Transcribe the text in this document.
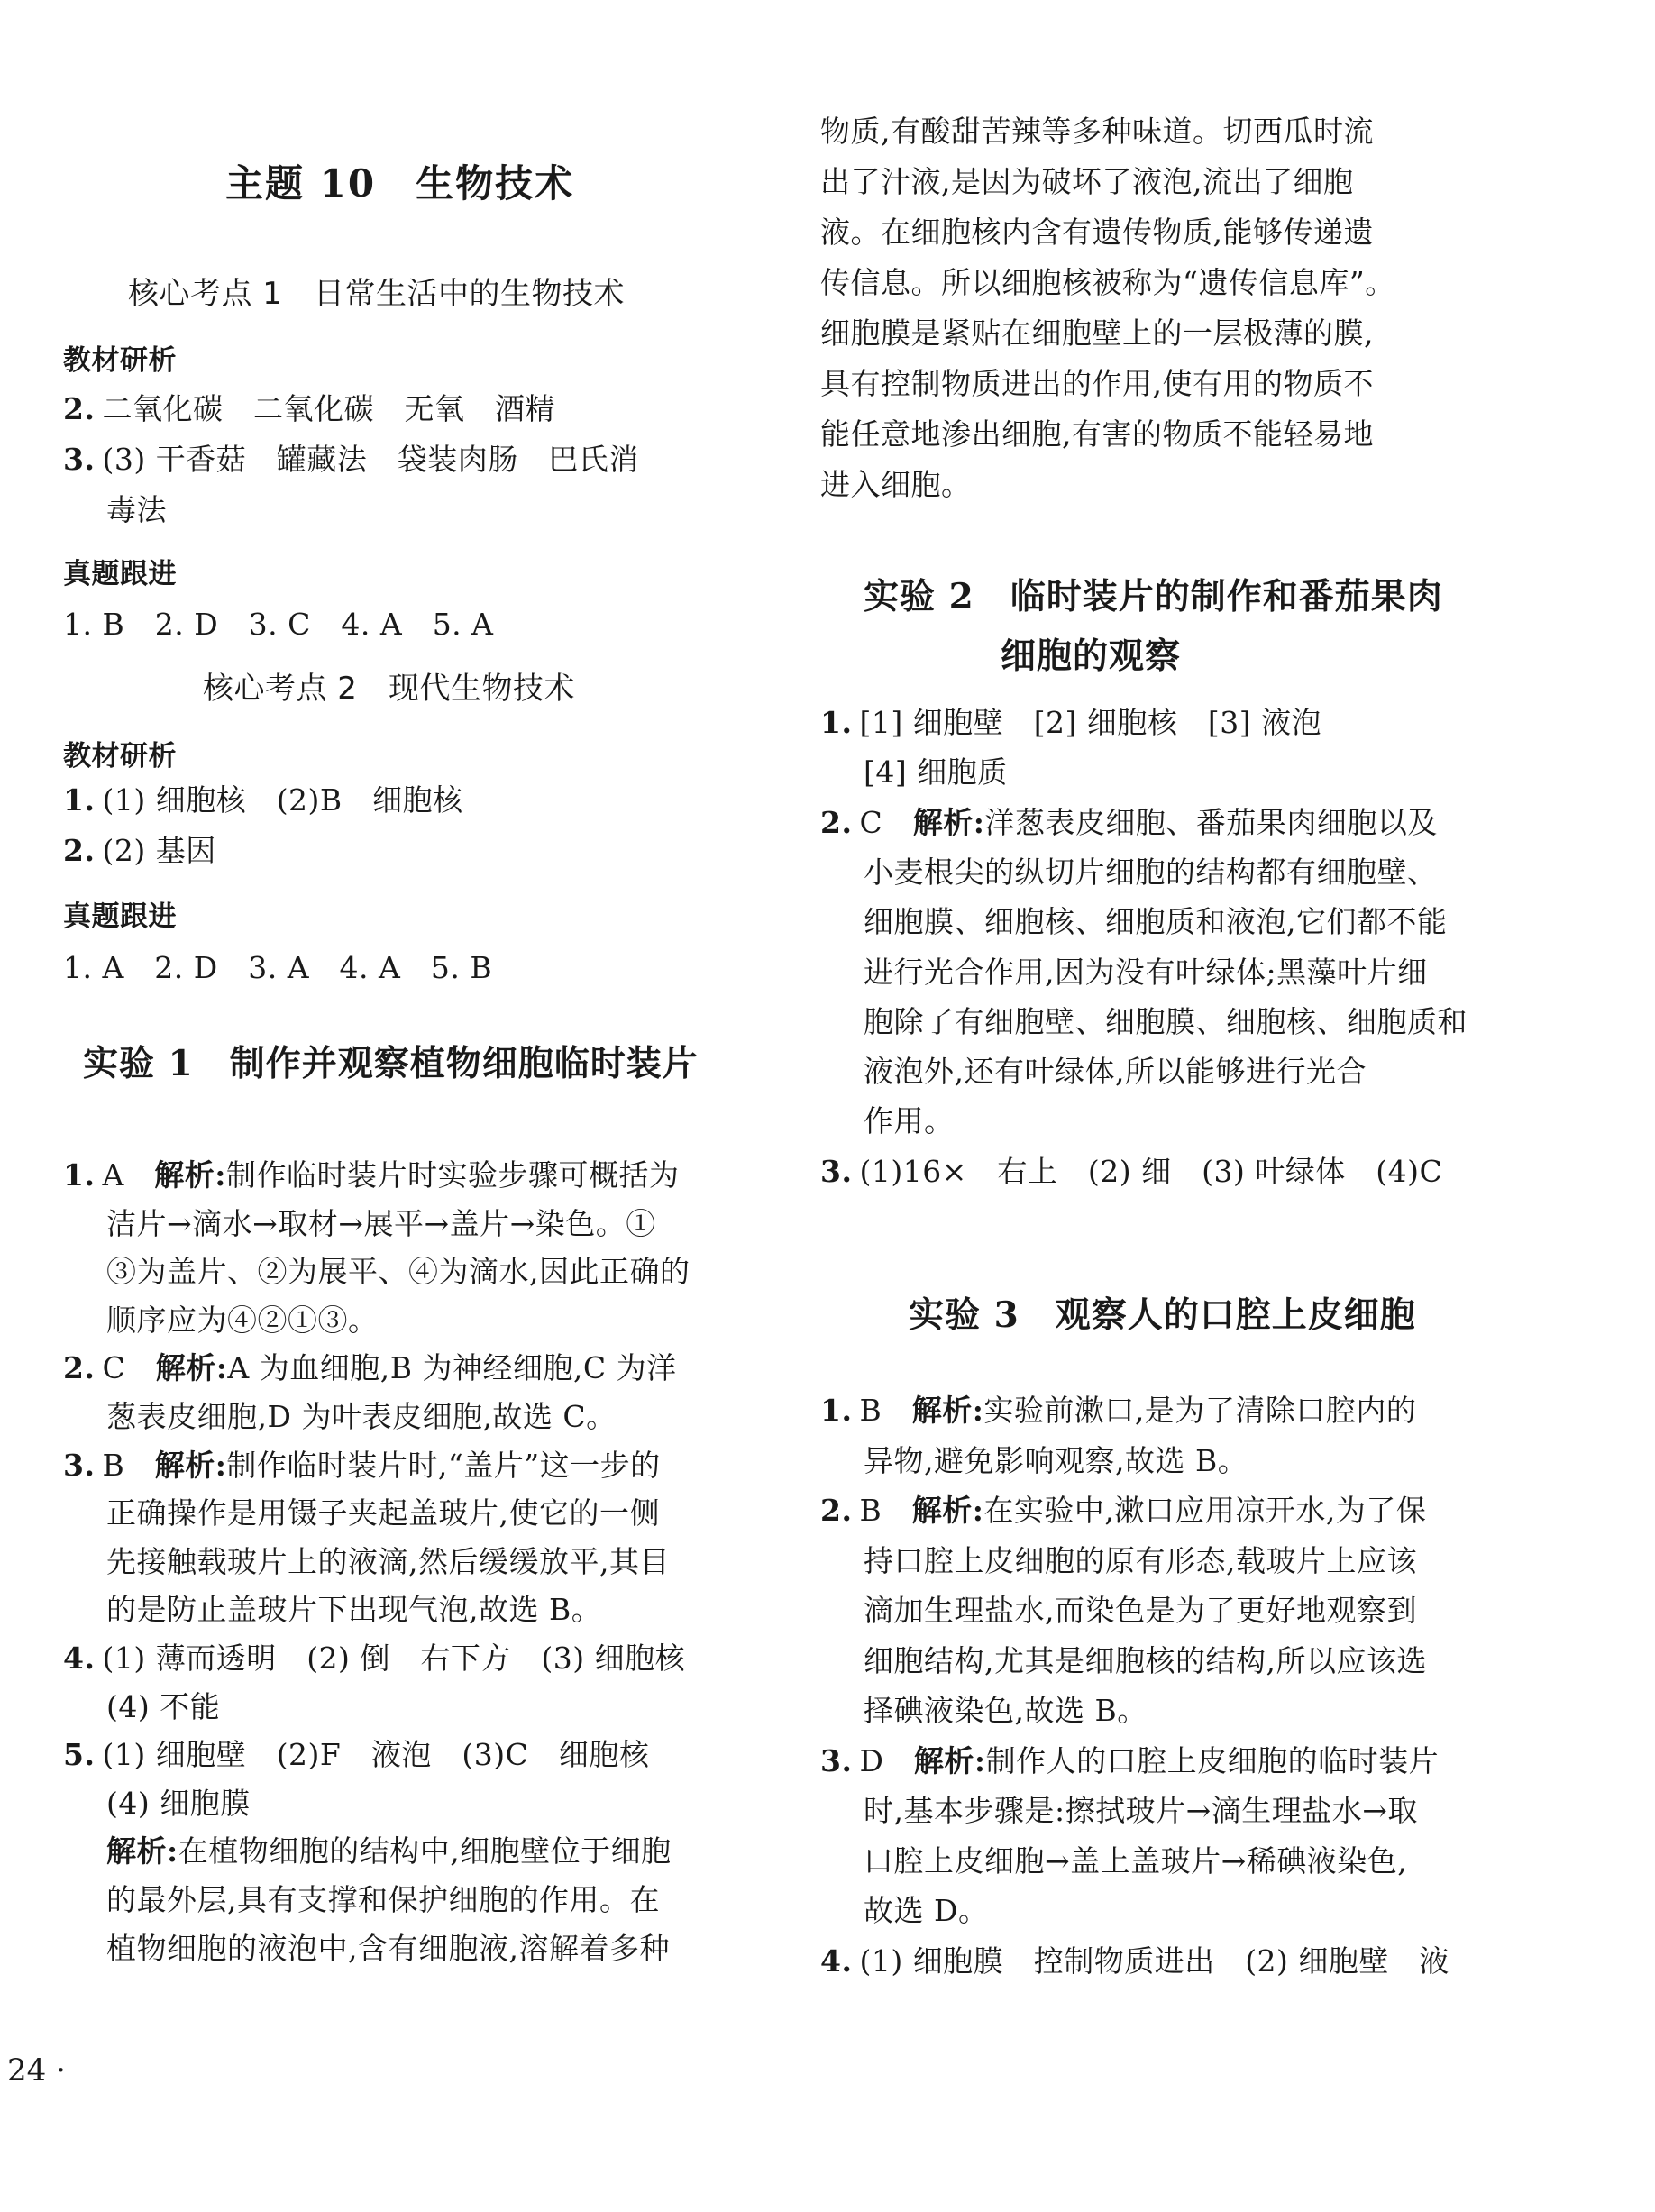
主题 10　生物技术
核心考点 1　日常生活中的生物技术
教材研析
2. 二氧化碳　二氧化碳　无氧　酒精
3. (3) 干香菇　罐藏法　袋装肉肠　巴氏消
毒法
真题跟进
1. B　2. D　3. C　4. A　5. A
核心考点 2　现代生物技术
教材研析
1. (1) 细胞核　(2)B　细胞核
2. (2) 基因
真题跟进
1. A　2. D　3. A　4. A　5. B
实验 1　制作并观察植物细胞临时装片
1. A　解析:制作临时装片时实验步骤可概括为
洁片→滴水→取材→展平→盖片→染色。①
③为盖片、②为展平、④为滴水,因此正确的
顺序应为④②①③。
2. C　解析:A 为血细胞,B 为神经细胞,C 为洋
葱表皮细胞,D 为叶表皮细胞,故选 C。
3. B　解析:制作临时装片时,“盖片”这一步的
正确操作是用镊子夹起盖玻片,使它的一侧
先接触载玻片上的液滴,然后缓缓放平,其目
的是防止盖玻片下出现气泡,故选 B。
4. (1) 薄而透明　(2) 倒　右下方　(3) 细胞核
(4) 不能
5. (1) 细胞壁　(2)F　液泡　(3)C　细胞核
(4) 细胞膜
解析:在植物细胞的结构中,细胞壁位于细胞
的最外层,具有支撑和保护细胞的作用。在
植物细胞的液泡中,含有细胞液,溶解着多种
物质,有酸甜苦辣等多种味道。切西瓜时流
出了汁液,是因为破坏了液泡,流出了细胞
液。在细胞核内含有遗传物质,能够传递遗
传信息。所以细胞核被称为“遗传信息库”。
细胞膜是紧贴在细胞壁上的一层极薄的膜,
具有控制物质进出的作用,使有用的物质不
能任意地渗出细胞,有害的物质不能轻易地
进入细胞。
实验 2　临时装片的制作和番茄果肉
细胞的观察
1. [1] 细胞壁　[2] 细胞核　[3] 液泡
[4] 细胞质
2. C　解析:洋葱表皮细胞、番茄果肉细胞以及
小麦根尖的纵切片细胞的结构都有细胞壁、
细胞膜、细胞核、细胞质和液泡,它们都不能
进行光合作用,因为没有叶绿体;黑藻叶片细
胞除了有细胞壁、细胞膜、细胞核、细胞质和
液泡外,还有叶绿体,所以能够进行光合
作用。
3. (1)16×　右上　(2) 细　(3) 叶绿体　(4)C
实验 3　观察人的口腔上皮细胞
1. B　解析:实验前漱口,是为了清除口腔内的
异物,避免影响观察,故选 B。
2. B　解析:在实验中,漱口应用凉开水,为了保
持口腔上皮细胞的原有形态,载玻片上应该
滴加生理盐水,而染色是为了更好地观察到
细胞结构,尤其是细胞核的结构,所以应该选
择碘液染色,故选 B。
3. D　解析:制作人的口腔上皮细胞的临时装片
时,基本步骤是:擦拭玻片→滴生理盐水→取
口腔上皮细胞→盖上盖玻片→稀碘液染色,
故选 D。
4. (1) 细胞膜　控制物质进出　(2) 细胞壁　液
24 ·
